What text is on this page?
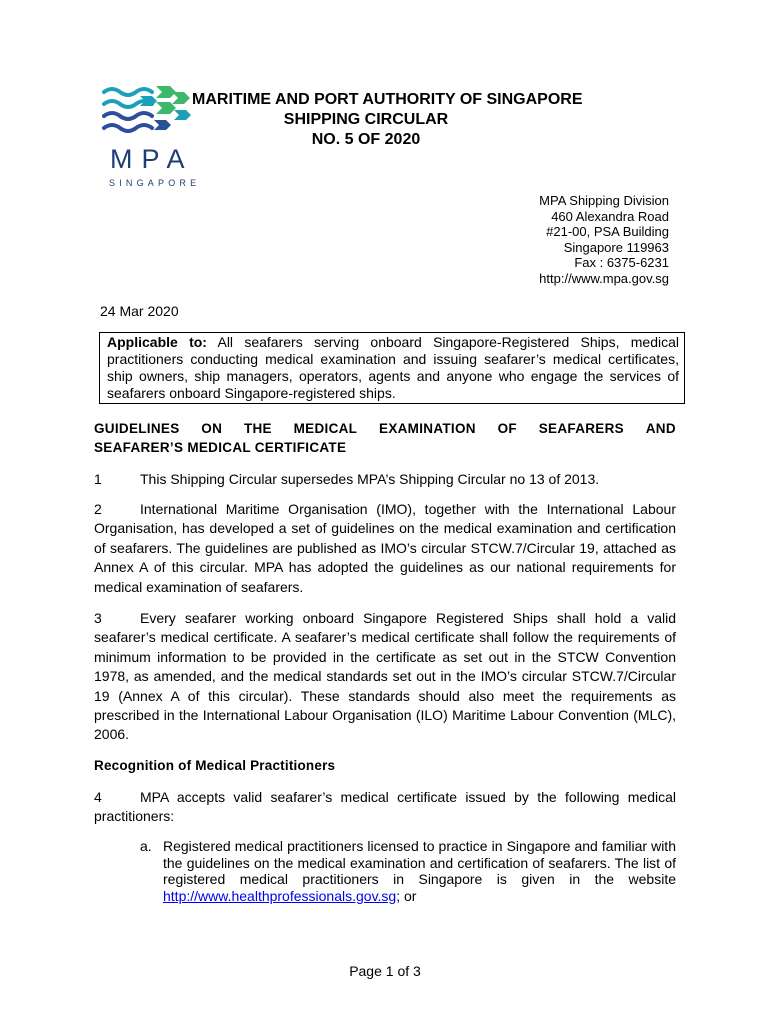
MPA
SINGAPORE
MARITIME AND PORT AUTHORITY OF SINGAPORE
SHIPPING CIRCULAR
NO. 5 OF 2020
MPA Shipping Division
460 Alexandra Road
#21-00, PSA Building
Singapore 119963
Fax : 6375-6231
http://www.mpa.gov.sg
24 Mar 2020
Applicable to: All seafarers serving onboard Singapore-Registered Ships, medical practitioners conducting medical examination and issuing seafarer’s medical certificates, ship owners, ship managers, operators, agents and anyone who engage the services of seafarers onboard Singapore-registered ships.
GUIDELINES ON THE MEDICAL EXAMINATION OF SEAFARERS AND
SEAFARER’S MEDICAL CERTIFICATE
1	This Shipping Circular supersedes MPA’s Shipping Circular no 13 of 2013.
2	International Maritime Organisation (IMO), together with the International Labour Organisation, has developed a set of guidelines on the medical examination and certification of seafarers. The guidelines are published as IMO’s circular STCW.7/Circular 19, attached as Annex A of this circular. MPA has adopted the guidelines as our national requirements for medical examination of seafarers.
3	Every seafarer working onboard Singapore Registered Ships shall hold a valid seafarer’s medical certificate. A seafarer’s medical certificate shall follow the requirements of minimum information to be provided in the certificate as set out in the STCW Convention 1978, as amended, and the medical standards set out in the IMO’s circular STCW.7/Circular 19 (Annex A of this circular). These standards should also meet the requirements as prescribed in the International Labour Organisation (ILO) Maritime Labour Convention (MLC), 2006.
Recognition of Medical Practitioners
4	MPA accepts valid seafarer’s medical certificate issued by the following medical practitioners:
a. Registered medical practitioners licensed to practice in Singapore and familiar with the guidelines on the medical examination and certification of seafarers. The list of registered medical practitioners in Singapore is given in the website http://www.healthprofessionals.gov.sg; or
Page 1 of 3
